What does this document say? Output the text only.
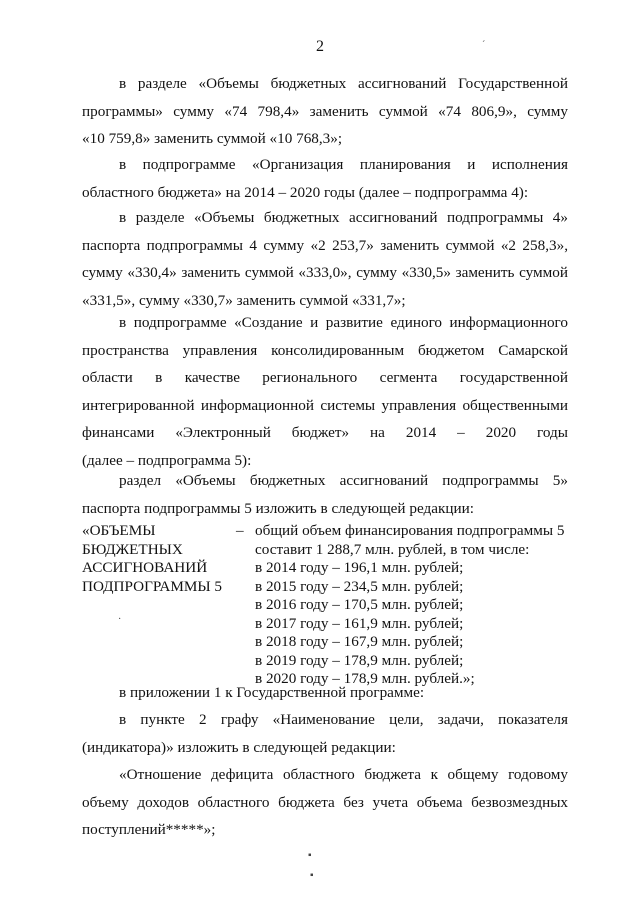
2
в разделе «Объемы бюджетных ассигнований Государственной
программы» сумму «74 798,4» заменить суммой «74 806,9», сумму
«10 759,8» заменить суммой «10 768,3»;
в подпрограмме «Организация планирования и исполнения
областного бюджета» на 2014 – 2020 годы (далее – подпрограмма 4):
в разделе «Объемы бюджетных ассигнований подпрограммы 4»
паспорта подпрограммы 4 сумму «2 253,7» заменить суммой «2 258,3»,
сумму «330,4» заменить суммой «333,0», сумму «330,5» заменить суммой
«331,5», сумму «330,7» заменить суммой «331,7»;
в подпрограмме «Создание и развитие единого информационного
пространства управления консолидированным бюджетом Самарской
области в качестве регионального сегмента государственной
интегрированной информационной системы управления общественными
финансами «Электронный бюджет» на 2014 – 2020 годы
(далее – подпрограмма 5):
раздел «Объемы бюджетных ассигнований подпрограммы 5»
паспорта подпрограммы 5 изложить в следующей редакции:
«ОБЪЕМЫ
БЮДЖЕТНЫХ
АССИГНОВАНИЙ
ПОДПРОГРАММЫ 5
– общий объем финансирования подпрограммы 5
составит 1 288,7 млн. рублей, в том числе:
в 2014 году – 196,1 млн. рублей;
в 2015 году – 234,5 млн. рублей;
в 2016 году – 170,5 млн. рублей;
в 2017 году – 161,9 млн. рублей;
в 2018 году – 167,9 млн. рублей;
в 2019 году – 178,9 млн. рублей;
в 2020 году – 178,9 млн. рублей.»;
в приложении 1 к Государственной программе:
в пункте 2 графу «Наименование цели, задачи, показателя
(индикатора)» изложить в следующей редакции:
«Отношение дефицита областного бюджета к общему годовому
объему доходов областного бюджета без учета объема безвозмездных
поступлений*****»;
´
·
▪
▪
